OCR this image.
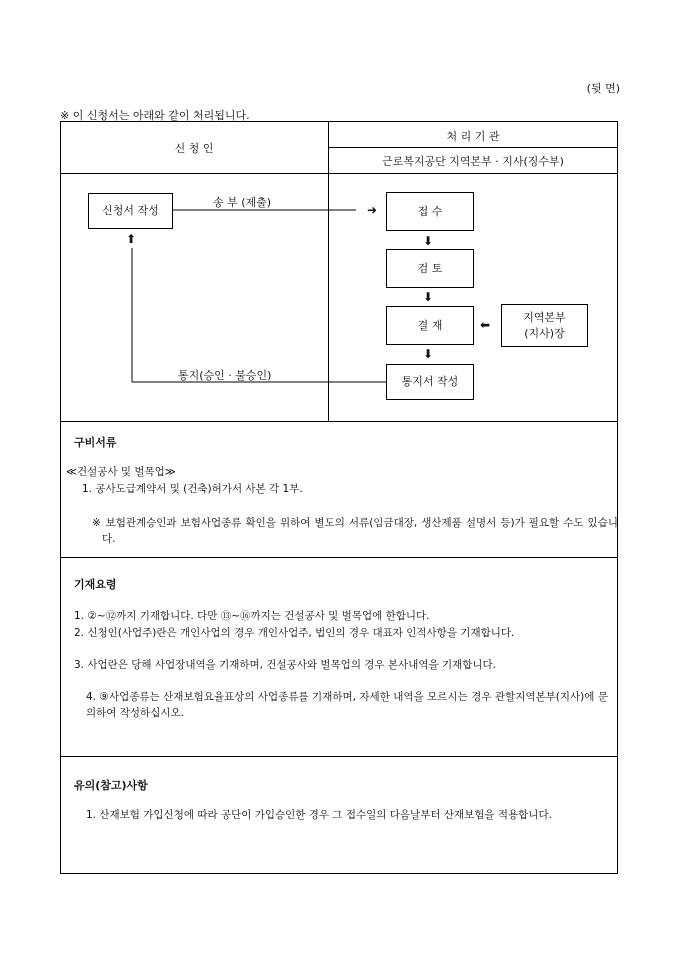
(뒷 면)
※ 이 신청서는 아래와 같이 처리됩니다.
신 청 인
처 리 기 관
근로복지공단 지역본부 · 지사(징수부)
신청서 작성
송 부 (제출)
➜	접 수
⬇
검 토
⬇
결 재	⬅
지역본부
(지사)장
⬇
통지서 작성
⬆
통지(승인 · 불승인)
구비서류
≪건설공사 및 벌목업≫
1. 공사도급계약서 및 (건축)허가서 사본 각 1부.
※ 보험관계승인과 보험사업종류 확인을 위하여 별도의 서류(임금대장, 생산제품 설명서 등)가 필요할 수도 있습니다.
기재요령
1. ②~⑫까지 기재합니다. 다만 ⑬~⑯까지는 건설공사 및 벌목업에 한합니다.
2. 신청인(사업주)란은 개인사업의 경우 개인사업주, 법인의 경우 대표자 인적사항을 기재합니다.
3. 사업란은 당해 사업장내역을 기재하며, 건설공사와 벌목업의 경우 본사내역을 기재합니다.
4. ⑨사업종류는 산재보험요율표상의 사업종류를 기재하며, 자세한 내역을 모르시는 경우 관할지역본부(지사)에 문의하여 작성하십시오.
유의(참고)사항
1. 산재보험 가입신청에 따라 공단이 가입승인한 경우 그 접수일의 다음날부터 산재보험을 적용합니다.
